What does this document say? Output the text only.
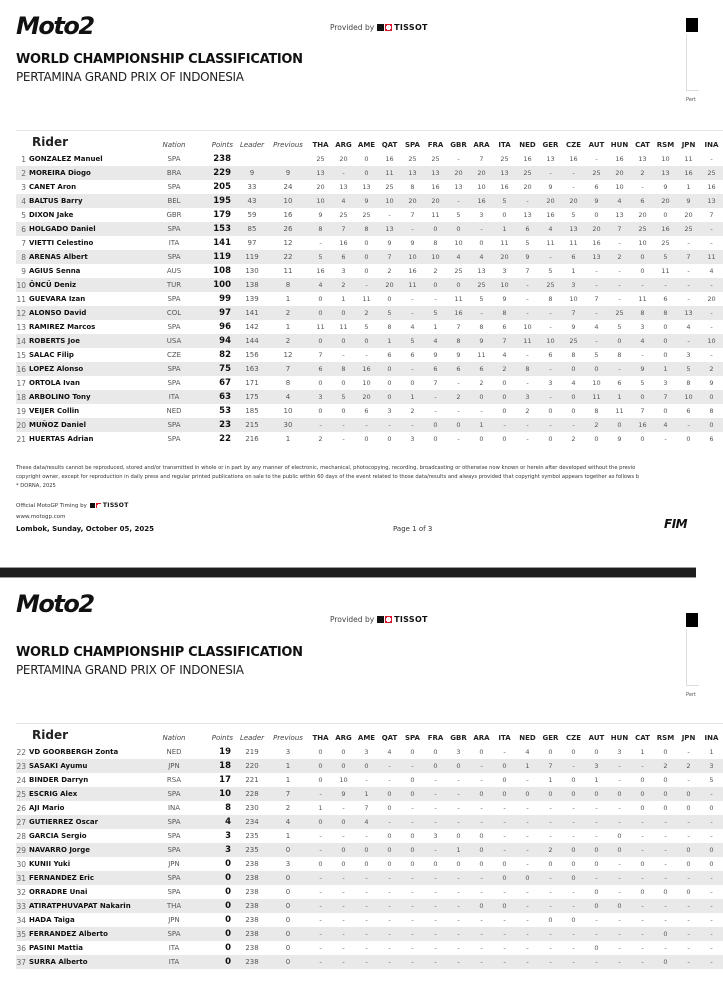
Moto2	Provided by	TISSOT
WORLD CHAMPIONSHIP CLASSIFICATION
PERTAMINA GRAND PRIX OF INDONESIA
Pert
Rider		Nation	Points	Leader	Previous	THA	ARG	AME	QAT	SPA	FRA	GBR	ARA	ITA	NED	GER	CZE	AUT	HUN	CAT	RSM	JPN	INA
1	GONZALEZ Manuel	SPA	238			25	20	0	16	25	25	-	7	25	16	13	16	-	16	13	10	11	-
2	MOREIRA Diogo	BRA	229	9	9	13	-	0	11	13	13	20	20	13	25	-	-	25	20	2	13	16	25
3	CANET Aron	SPA	205	33	24	20	13	13	25	8	16	13	10	16	20	9	-	6	10	-	9	1	16
4	BALTUS Barry	BEL	195	43	10	10	4	9	10	20	20	-	16	5	-	20	20	9	4	6	20	9	13
5	DIXON Jake	GBR	179	59	16	9	25	25	-	7	11	5	3	0	13	16	5	0	13	20	0	20	7
6	HOLGADO Daniel	SPA	153	85	26	8	7	8	13	-	0	0	-	1	6	4	13	20	7	25	16	25	-
7	VIETTI Celestino	ITA	141	97	12	-	16	0	9	9	8	10	0	11	5	11	11	16	-	10	25	-	-
8	ARENAS Albert	SPA	119	119	22	5	6	0	7	10	10	4	4	20	9	-	6	13	2	0	5	7	11
9	AGIUS Senna	AUS	108	130	11	16	3	0	2	16	2	25	13	3	7	5	1	-	-	0	11	-	4
10	ÖNCÜ Deniz	TUR	100	138	8	4	2	-	20	11	0	0	25	10	-	25	3	-	-	-	-	-	-
11	GUEVARA Izan	SPA	99	139	1	0	1	11	0	-	-	11	5	9	-	8	10	7	-	11	6	-	20
12	ALONSO David	COL	97	141	2	0	0	2	5	-	5	16	-	8	-	-	7	-	25	8	8	13	-
13	RAMIREZ Marcos	SPA	96	142	1	11	11	5	8	4	1	7	8	6	10	-	9	4	5	3	0	4	-
14	ROBERTS Joe	USA	94	144	2	0	0	0	1	5	4	8	9	7	11	10	25	-	0	4	0	-	10
15	SALAC Filip	CZE	82	156	12	7	-	-	6	6	9	9	11	4	-	6	8	5	8	-	0	3	-
16	LOPEZ Alonso	SPA	75	163	7	6	8	16	0	-	6	6	6	2	8	-	0	0	-	9	1	5	2
17	ORTOLA Ivan	SPA	67	171	8	0	0	10	0	0	7	-	2	0	-	3	4	10	6	5	3	8	9
18	ARBOLINO Tony	ITA	63	175	4	3	5	20	0	1	-	2	0	0	3	-	0	11	1	0	7	10	0
19	VEIJER Collin	NED	53	185	10	0	0	6	3	2	-	-	-	0	2	0	0	8	11	7	0	6	8
20	MUÑOZ Daniel	SPA	23	215	30	-	-	-	-	-	0	0	1	-	-	-	-	2	0	16	4	-	0
21	HUERTAS Adrian	SPA	22	216	1	2	-	0	0	3	0	-	0	0	-	0	2	0	9	0	-	0	6
These data/results cannot be reproduced, stored and/or transmitted in whole or in part by any manner of electronic, mechanical, photocopying, recording, broadcasting or otherwise now known or herein after developed without the previo
copyright owner, except for reproduction in daily press and regular printed publications on sale to the public within 60 days of the event related to those data/results and always provided that copyright symbol appears together as follows b
* DORNA, 2025
Official MotoGP Timing by	TISSOT
www.motogp.com
Lombok, Sunday, October 05, 2025	Page 1 of 3	FIM
Moto2
Provided by	TISSOT
WORLD CHAMPIONSHIP CLASSIFICATION
PERTAMINA GRAND PRIX OF INDONESIA
Pert
Rider		Nation	Points	Leader	Previous	THA	ARG	AME	QAT	SPA	FRA	GBR	ARA	ITA	NED	GER	CZE	AUT	HUN	CAT	RSM	JPN	INA
22	VD GOORBERGH Zonta	NED	19	219	3	0	0	3	4	0	0	3	0	-	4	0	0	0	3	1	0	-	1
23	SASAKI Ayumu	JPN	18	220	1	0	0	0	-	-	0	0	-	0	1	7	-	3	-	-	2	2	3
24	BINDER Darryn	RSA	17	221	1	0	10	-	-	0	-	-	-	0	-	1	0	1	-	0	0	-	5
25	ESCRIG Alex	SPA	10	228	7	-	9	1	0	0	-	-	0	0	0	0	0	0	0	0	0	0	-
26	AJI Mario	INA	8	230	2	1	-	7	0	-	-	-	-	-	-	-	-	-	-	0	0	0	0
27	GUTIERREZ Oscar	SPA	4	234	4	0	0	4	-	-	-	-	-	-	-	-	-	-	-	-	-	-	-
28	GARCIA Sergio	SPA	3	235	1	-	-	-	0	0	3	0	0	-	-	-	-	-	0	-	-	-	-
29	NAVARRO Jorge	SPA	3	235	0	-	0	0	0	0	-	1	0	-	-	2	0	0	0	-	-	0	0
30	KUNII Yuki	JPN	0	238	3	0	0	0	0	0	0	0	0	0	-	0	0	0	-	0	-	0	0
31	FERNANDEZ Eric	SPA	0	238	0	-	-	-	-	-	-	-	-	0	0	-	0	-	-	-	-	-	-
32	ORRADRE Unai	SPA	0	238	0	-	-	-	-	-	-	-	-	-	-	-	-	0	-	0	0	0	-
33	ATIRATPHUVAPAT Nakarin	THA	0	238	0	-	-	-	-	-	-	-	0	0	-	-	-	0	0	-	-	-	-
34	HADA Taiga	JPN	0	238	0	-	-	-	-	-	-	-	-	-	-	0	0	-	-	-	-	-	-
35	FERRANDEZ Alberto	SPA	0	238	0	-	-	-	-	-	-	-	-	-	-	-	-	-	-	-	0	-	-
36	PASINI Mattia	ITA	0	238	0	-	-	-	-	-	-	-	-	-	-	-	-	0	-	-	-	-	-
37	SURRA Alberto	ITA	0	238	0	-	-	-	-	-	-	-	-	-	-	-	-	-	-	-	0	-	-
